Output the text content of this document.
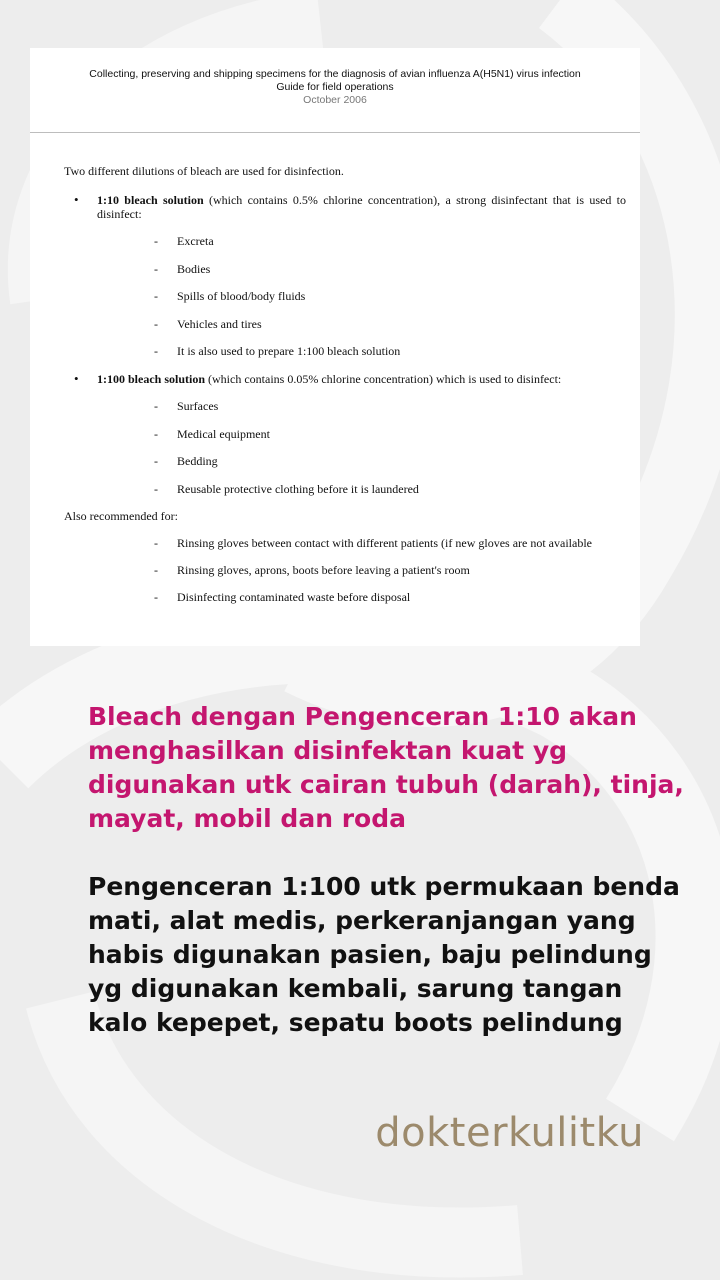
Collecting, preserving and shipping specimens for the diagnosis of avian influenza A(H5N1) virus infection
Guide for field operations
October 2006

Two different dilutions of bleach are used for disinfection.

• 1:10 bleach solution (which contains 0.5% chlorine concentration), a strong disinfectant that is used to disinfect:
- Excreta
- Bodies
- Spills of blood/body fluids
- Vehicles and tires
- It is also used to prepare 1:100 bleach solution
• 1:100 bleach solution (which contains 0.05% chlorine concentration) which is used to disinfect:
- Surfaces
- Medical equipment
- Bedding
- Reusable protective clothing before it is laundered

Also recommended for:

- Rinsing gloves between contact with different patients (if new gloves are not available
- Rinsing gloves, aprons, boots before leaving a patient's room
- Disinfecting contaminated waste before disposal

Bleach dengan Pengenceran 1:10 akan menghasilkan disinfektan kuat yg digunakan utk cairan tubuh (darah), tinja, mayat, mobil dan roda

Pengenceran 1:100 utk permukaan benda mati, alat medis, perkeranjangan yang habis digunakan pasien, baju pelindung yg digunakan kembali, sarung tangan kalo kepepet, sepatu boots pelindung

dokterkulitku
